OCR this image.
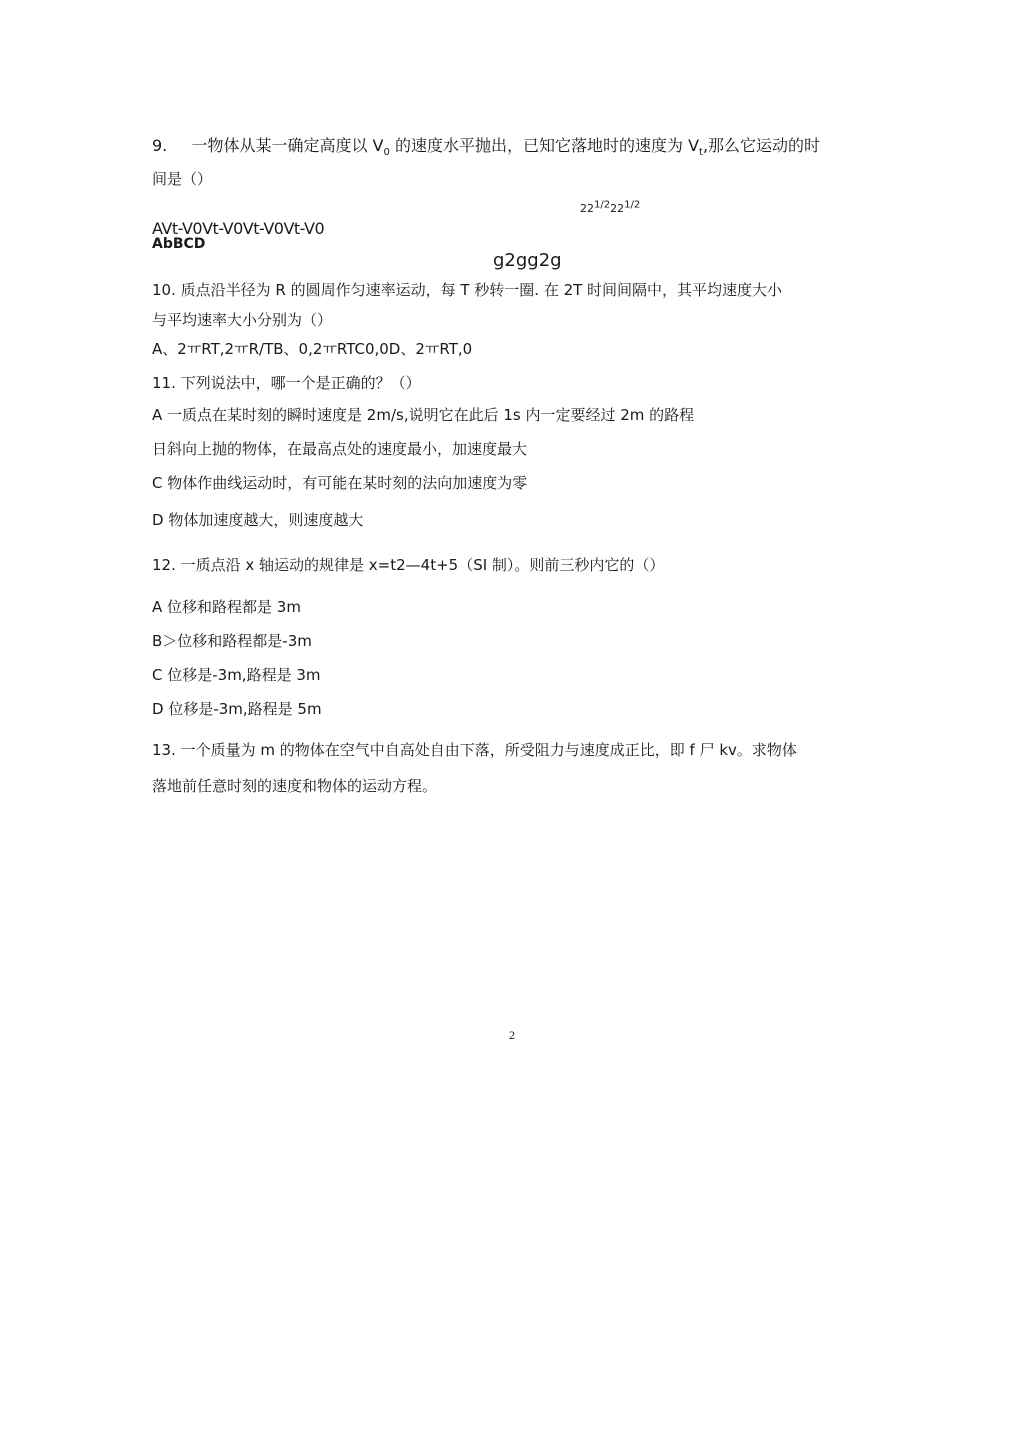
9. 一物体从某一确定高度以 $V_0$ 的速度水平抛出，已知它落地时的速度为 $V_t$,那么它运动的时
间是（）
$22^{1/2}22^{1/2}$
AVt-V0Vt-V0Vt-V0Vt-V0
AbBCD
g2gg2g
10. 质点沿半径为 R 的圆周作匀速率运动，每 T 秒转一圈. 在 2T 时间间隔中，其平均速度大小
与平均速率大小分别为（）
A、2ㅠRT,2ㅠR/TB、0,2ㅠRTC0,0D、2ㅠRT,0
11. 下列说法中，哪一个是正确的？（）
A 一质点在某时刻的瞬时速度是 2m/s,说明它在此后 1s 内一定要经过 2m 的路程
日斜向上抛的物体，在最高点处的速度最小，加速度最大
C 物体作曲线运动时，有可能在某时刻的法向加速度为零
D 物体加速度越大，则速度越大
12. 一质点沿 x 轴运动的规律是 x=t2—4t+5（SI 制）。则前三秒内它的（）
A 位移和路程都是 3m
B＞位移和路程都是-3m
C 位移是-3m,路程是 3m
D 位移是-3m,路程是 5m
13. 一个质量为 m 的物体在空气中自高处自由下落，所受阻力与速度成正比，即 f 尸 kv。求物体
落地前任意时刻的速度和物体的运动方程。
2
